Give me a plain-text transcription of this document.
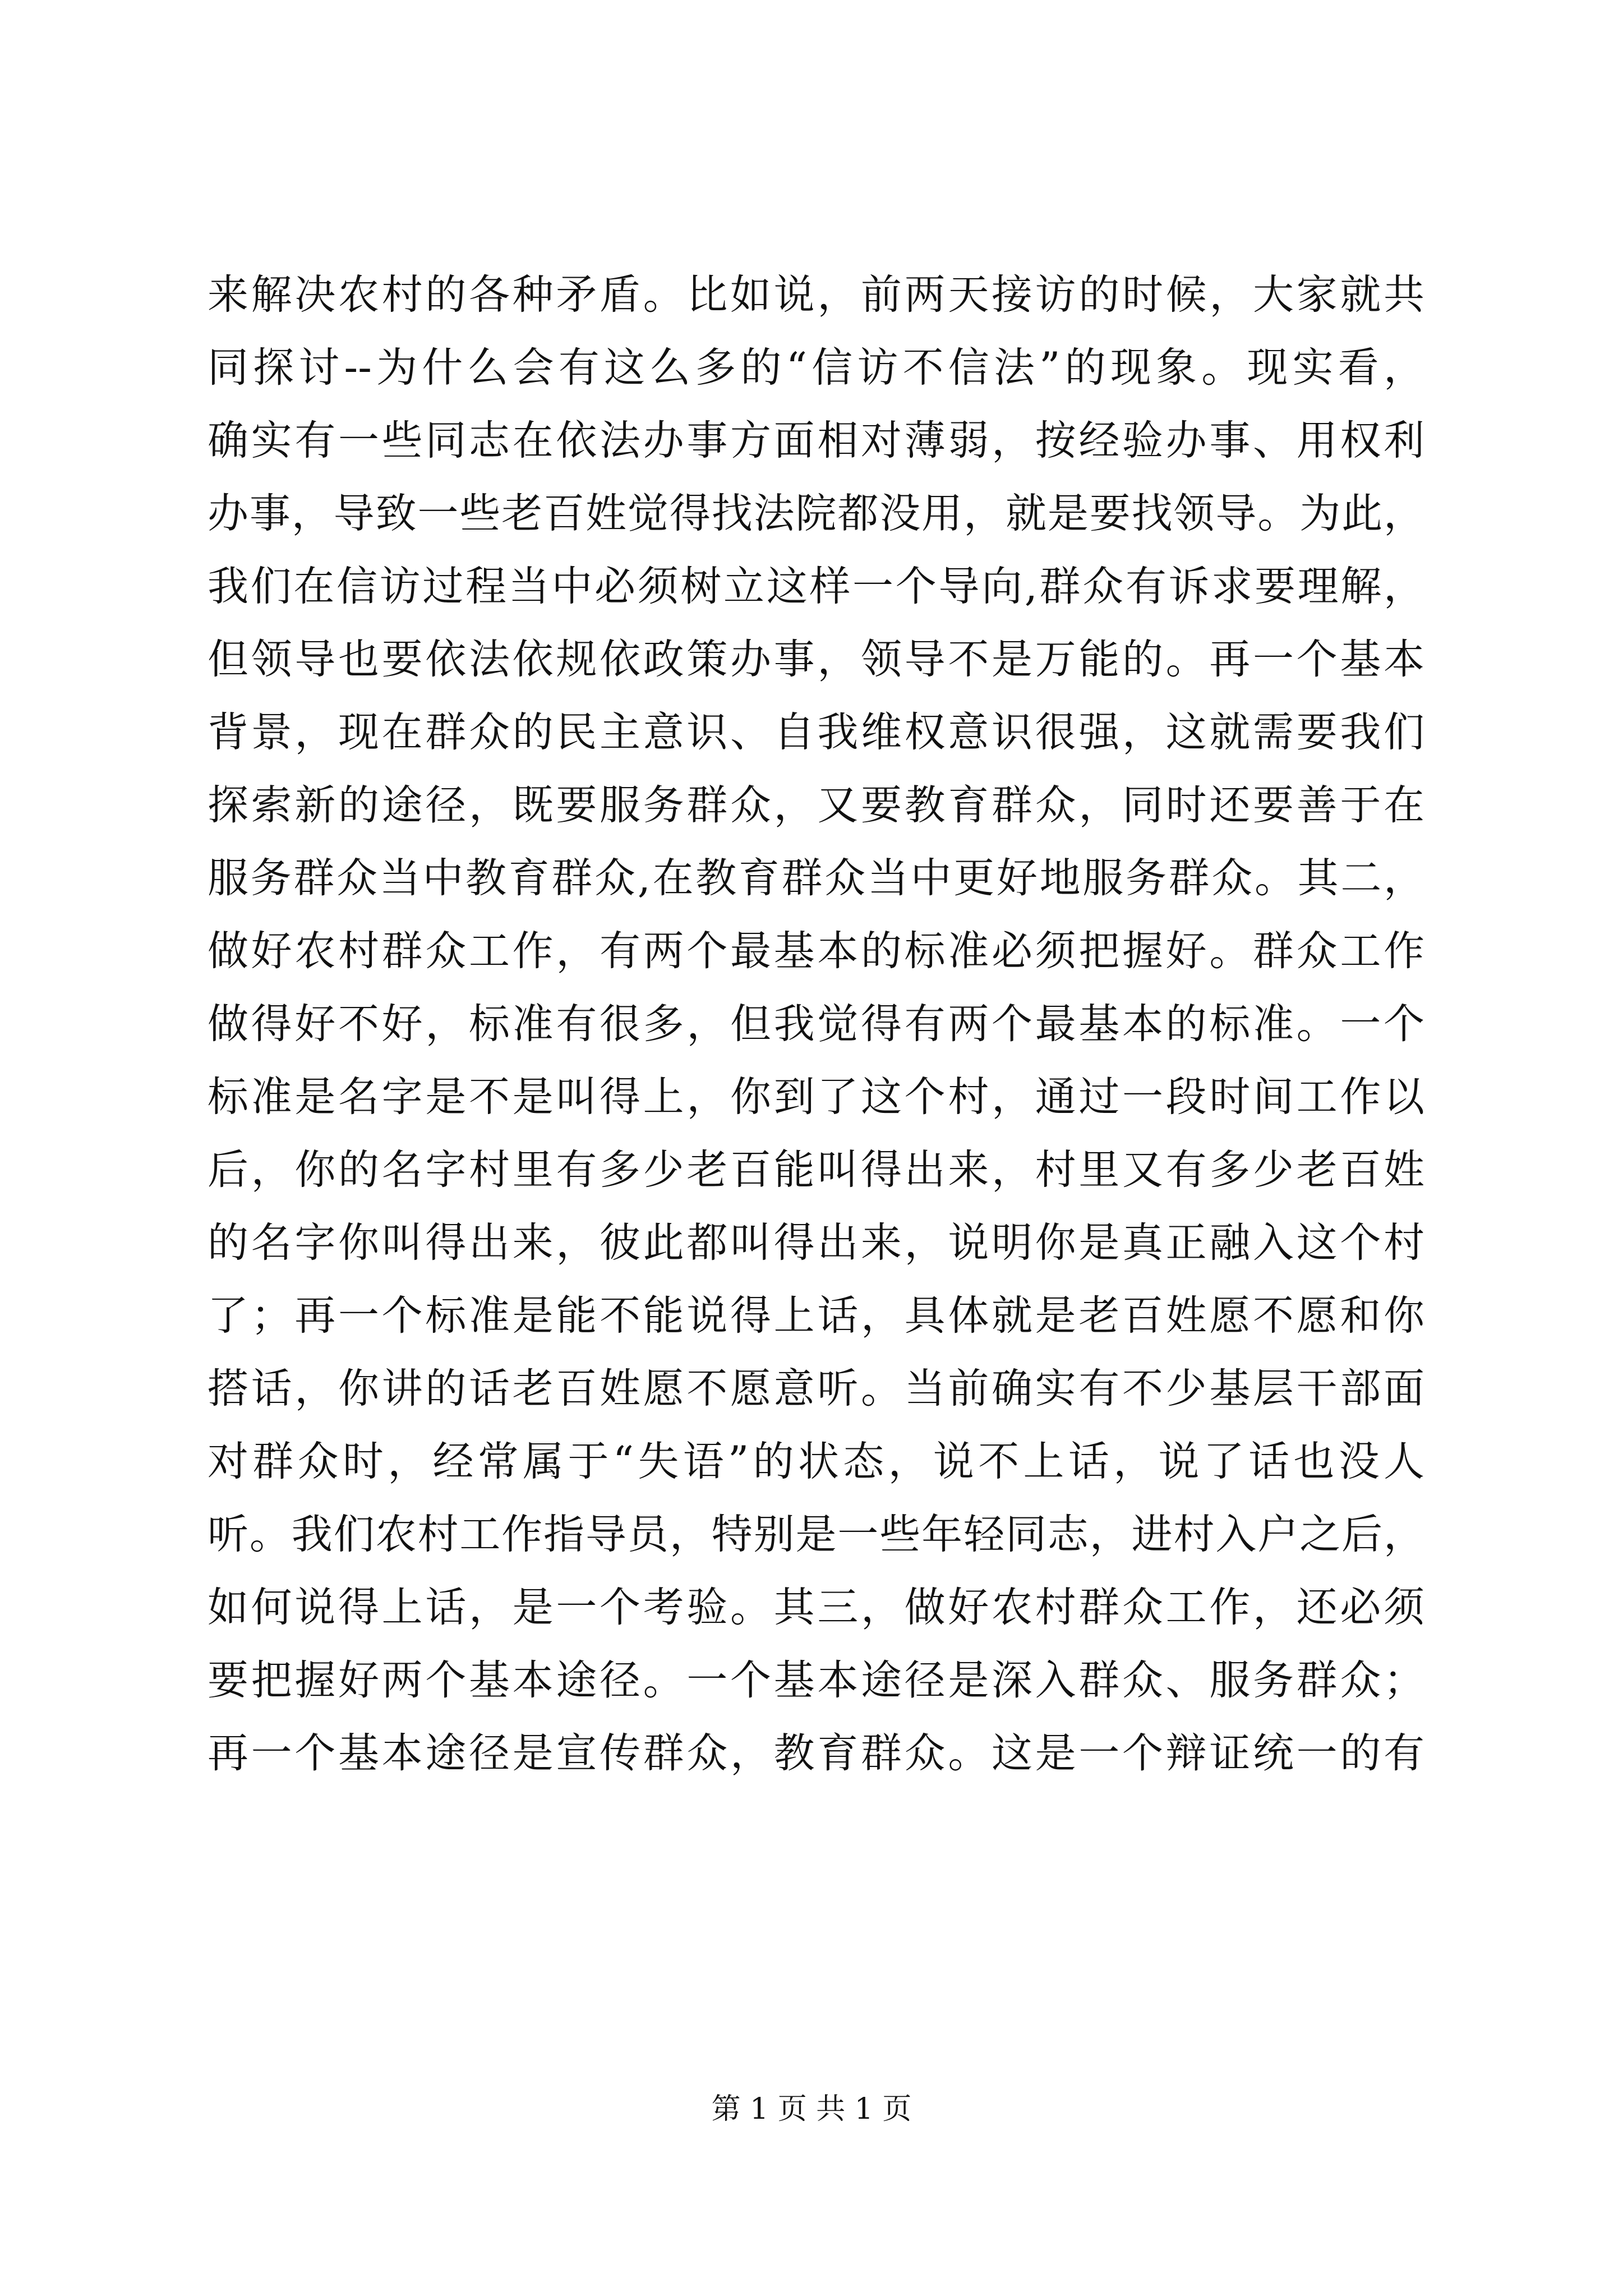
来解决农村的各种矛盾。比如说，前两天接访的时候，大家就共
同探讨--为什么会有这么多的“信访不信法”的现象。现实看，
确实有一些同志在依法办事方面相对薄弱，按经验办事、用权利
办事，导致一些老百姓觉得找法院都没用，就是要找领导。为此，
我们在信访过程当中必须树立这样一个导向,群众有诉求要理解，
但领导也要依法依规依政策办事，领导不是万能的。再一个基本
背景，现在群众的民主意识、自我维权意识很强，这就需要我们
探索新的途径，既要服务群众，又要教育群众，同时还要善于在
服务群众当中教育群众,在教育群众当中更好地服务群众。其二，
做好农村群众工作，有两个最基本的标准必须把握好。群众工作
做得好不好，标准有很多，但我觉得有两个最基本的标准。一个
标准是名字是不是叫得上，你到了这个村，通过一段时间工作以
后，你的名字村里有多少老百能叫得出来，村里又有多少老百姓
的名字你叫得出来，彼此都叫得出来，说明你是真正融入这个村
了；再一个标准是能不能说得上话，具体就是老百姓愿不愿和你
搭话，你讲的话老百姓愿不愿意听。当前确实有不少基层干部面
对群众时，经常属于“失语”的状态，说不上话，说了话也没人
听。我们农村工作指导员，特别是一些年轻同志，进村入户之后，
如何说得上话，是一个考验。其三，做好农村群众工作，还必须
要把握好两个基本途径。一个基本途径是深入群众、服务群众；
再一个基本途径是宣传群众，教育群众。这是一个辩证统一的有
第 1 页 共 1 页
